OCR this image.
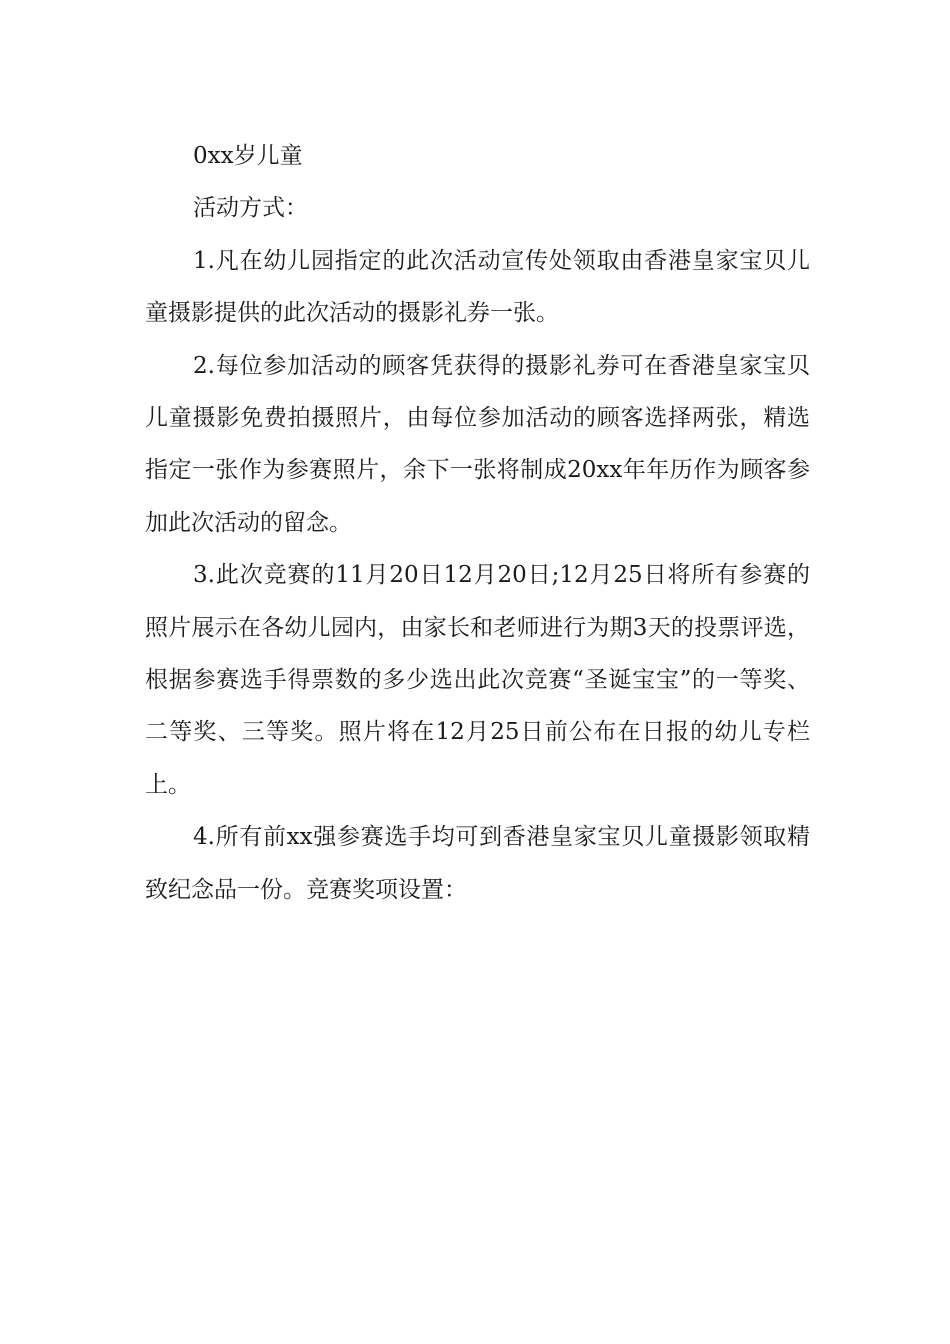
0xx岁儿童

活动方式：

1.凡在幼儿园指定的此次活动宣传处领取由香港皇家宝贝儿童摄影提供的此次活动的摄影礼券一张。

2.每位参加活动的顾客凭获得的摄影礼券可在香港皇家宝贝儿童摄影免费拍摄照片，由每位参加活动的顾客选择两张，精选指定一张作为参赛照片，余下一张将制成20xx年年历作为顾客参加此次活动的留念。

3.此次竞赛的11月20日12月20日;12月25日将所有参赛的照片展示在各幼儿园内，由家长和老师进行为期3天的投票评选，根据参赛选手得票数的多少选出此次竞赛“圣诞宝宝”的一等奖、二等奖、三等奖。照片将在12月25日前公布在日报的幼儿专栏上。

4.所有前xx强参赛选手均可到香港皇家宝贝儿童摄影领取精致纪念品一份。竞赛奖项设置：
